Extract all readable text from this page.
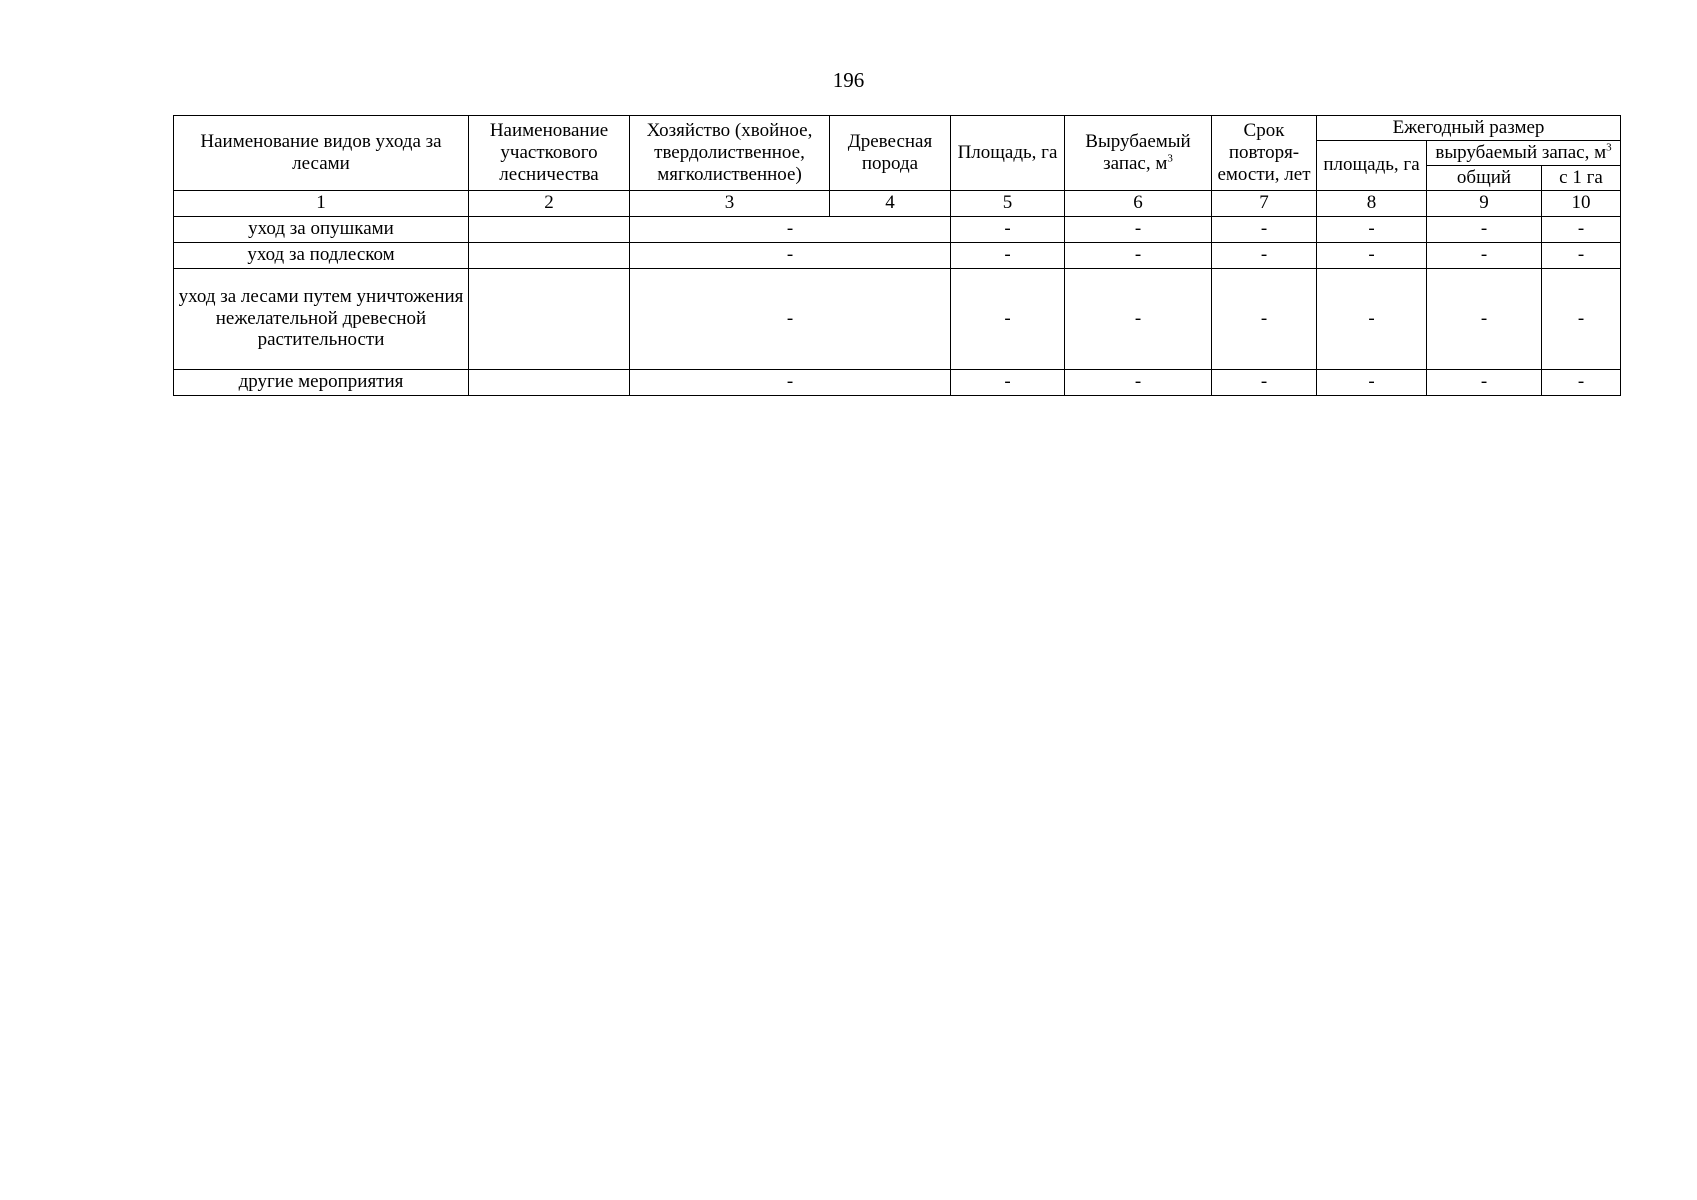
196
Наименование видов ухода за лесами	Наименование участкового лесничества	Хозяйство (хвойное, твердолиственное, мягколиственное)	Древесная порода	Площадь, га	Вырубаемый запас, $м^3$	Срок повторя-емости, лет	Ежегодный размер		
							площадь, га	вырубаемый запас, $м^3$
								общий	с 1 га
1	2	3	4	5	6	7	8	9	10
уход за опушками		-		-	-	-	-	-	-
уход за подлеском		-		-	-	-	-	-	-
уход за лесами путем уничтожения нежелательной древесной растительности		-		-	-	-	-	-	-
другие мероприятия		-		-	-	-	-	-	-
